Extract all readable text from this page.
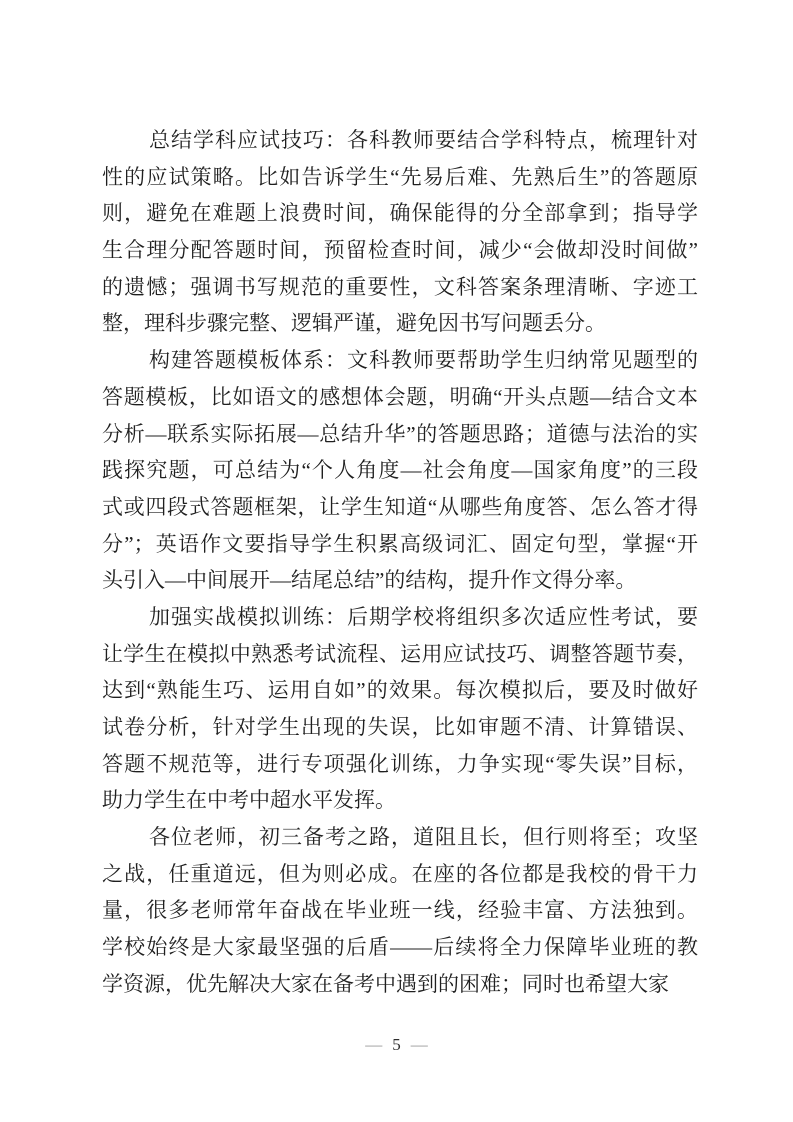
总结学科应试技巧：各科教师要结合学科特点，梳理针对
性的应试策略。比如告诉学生“先易后难、先熟后生”的答题原
则，避免在难题上浪费时间，确保能得的分全部拿到；指导学
生合理分配答题时间，预留检查时间，减少“会做却没时间做”
的遗憾；强调书写规范的重要性，文科答案条理清晰、字迹工
整，理科步骤完整、逻辑严谨，避免因书写问题丢分。
构建答题模板体系：文科教师要帮助学生归纳常见题型的
答题模板，比如语文的感想体会题，明确“开头点题—结合文本
分析—联系实际拓展—总结升华”的答题思路；道德与法治的实
践探究题，可总结为“个人角度—社会角度—国家角度”的三段
式或四段式答题框架，让学生知道“从哪些角度答、怎么答才得
分”；英语作文要指导学生积累高级词汇、固定句型，掌握“开
头引入—中间展开—结尾总结”的结构，提升作文得分率。
加强实战模拟训练：后期学校将组织多次适应性考试，要
让学生在模拟中熟悉考试流程、运用应试技巧、调整答题节奏，
达到“熟能生巧、运用自如”的效果。每次模拟后，要及时做好
试卷分析，针对学生出现的失误，比如审题不清、计算错误、
答题不规范等，进行专项强化训练，力争实现“零失误”目标，
助力学生在中考中超水平发挥。
各位老师，初三备考之路，道阻且长，但行则将至；攻坚
之战，任重道远，但为则必成。在座的各位都是我校的骨干力
量，很多老师常年奋战在毕业班一线，经验丰富、方法独到。
学校始终是大家最坚强的后盾——后续将全力保障毕业班的教
学资源，优先解决大家在备考中遇到的困难；同时也希望大家
— 5 —
